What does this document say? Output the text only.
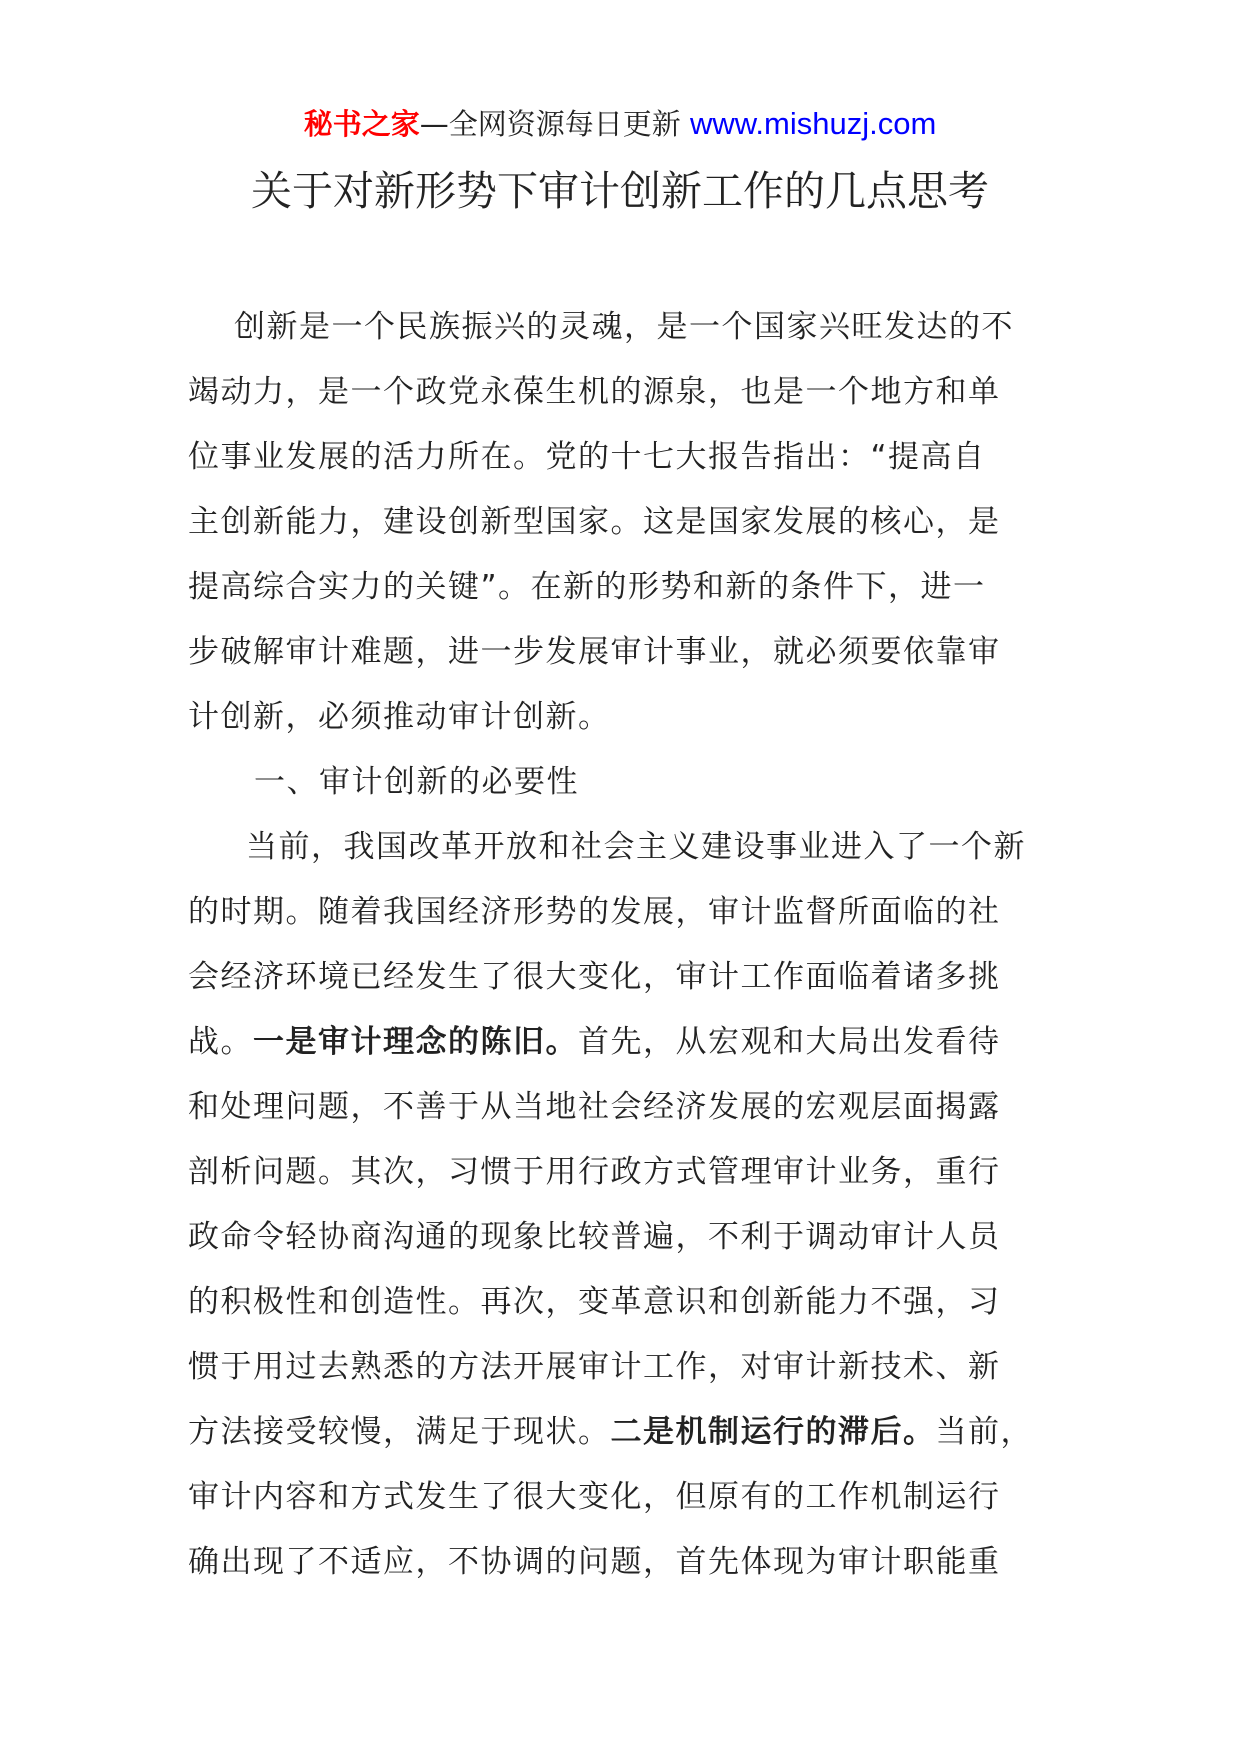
秘书之家—全网资源每日更新 www.mishuzj.com
关于对新形势下审计创新工作的几点思考

创新是一个民族振兴的灵魂，是一个国家兴旺发达的不
竭动力，是一个政党永葆生机的源泉，也是一个地方和单
位事业发展的活力所在。党的十七大报告指出：“提高自
主创新能力，建设创新型国家。这是国家发展的核心，是
提高综合实力的关键”。在新的形势和新的条件下，进一
步破解审计难题，进一步发展审计事业，就必须要依靠审
计创新，必须推动审计创新。

一、审计创新的必要性

当前，我国改革开放和社会主义建设事业进入了一个新
的时期。随着我国经济形势的发展，审计监督所面临的社
会经济环境已经发生了很大变化，审计工作面临着诸多挑
战。一是审计理念的陈旧。首先，从宏观和大局出发看待
和处理问题，不善于从当地社会经济发展的宏观层面揭露
剖析问题。其次，习惯于用行政方式管理审计业务，重行
政命令轻协商沟通的现象比较普遍，不利于调动审计人员
的积极性和创造性。再次，变革意识和创新能力不强，习
惯于用过去熟悉的方法开展审计工作，对审计新技术、新
方法接受较慢，满足于现状。二是机制运行的滞后。当前，
审计内容和方式发生了很大变化，但原有的工作机制运行
确出现了不适应，不协调的问题，首先体现为审计职能重
